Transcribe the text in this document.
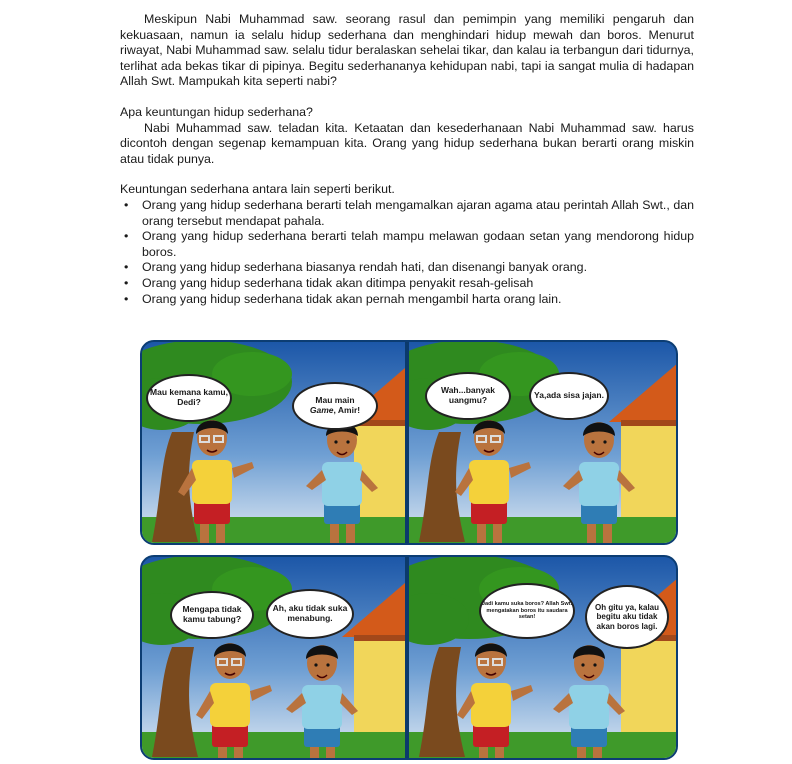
Meskipun Nabi Muhammad saw. seorang rasul dan pemimpin yang memiliki pengaruh dan kekuasaan, namun ia selalu hidup sederhana dan menghindari hidup mewah dan boros. Menurut riwayat, Nabi Muhammad saw. selalu tidur beralaskan sehelai tikar, dan kalau ia terbangun dari tidurnya, terlihat ada bekas tikar di pipinya. Begitu sederhananya kehidupan nabi, tapi ia sangat mulia di hadapan Allah Swt. Mampukah kita seperti nabi?

Apa keuntungan hidup sederhana?

Nabi Muhammad saw. teladan kita. Ketaatan dan kesederhanaan Nabi Muhammad saw. harus dicontoh dengan segenap kemampuan kita. Orang yang hidup sederhana bukan berarti orang miskin atau tidak punya.

Keuntungan sederhana antara lain seperti berikut.

• Orang yang hidup sederhana berarti telah mengamalkan ajaran agama atau perintah Allah Swt., dan orang tersebut mendapat pahala.
• Orang yang hidup sederhana berarti telah mampu melawan godaan setan yang mendorong hidup boros.
• Orang yang hidup sederhana biasanya rendah hati, dan disenangi banyak orang.
• Orang yang hidup sederhana tidak akan ditimpa penyakit resah-gelisah
• Orang yang hidup sederhana tidak akan pernah mengambil harta orang lain.
Mau kemana kamu, Dedi?	Mau main
Game, Amir!
Wah...banyak uangmu?	Ya,ada sisa jajan.
Mengapa tidak kamu tabung?
Ah, aku tidak suka menabung.
Jadi kamu suka boros? Allah Swt. mengatakan boros itu saudara setan!
Oh gitu ya, kalau begitu aku tidak akan boros lagi.
